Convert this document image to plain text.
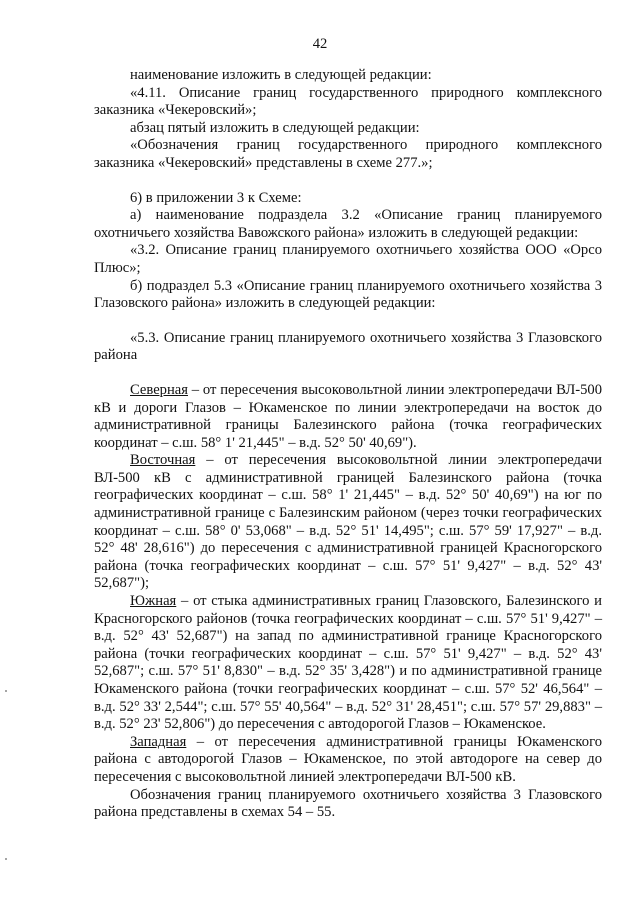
42

наименование изложить в следующей редакции:

«4.11. Описание границ государственного природного комплексного заказника «Чекеровский»;

абзац пятый изложить в следующей редакции:

«Обозначения границ государственного природного комплексного заказника «Чекеровский» представлены в схеме 277.»;

6) в приложении 3 к Схеме:

а) наименование подраздела 3.2 «Описание границ планируемого охотничьего хозяйства Вавожского района» изложить в следующей редакции:

«3.2. Описание границ планируемого охотничьего хозяйства ООО «Орсо Плюс»;

б) подраздел 5.3 «Описание границ планируемого охотничьего хозяйства 3 Глазовского района» изложить в следующей редакции:

«5.3. Описание границ планируемого охотничьего хозяйства 3 Глазовского района

Северная – от пересечения высоковольтной линии электропередачи ВЛ-500 кВ и дороги Глазов – Юкаменское по линии электропередачи на восток до административной границы Балезинского района (точка географических координат – с.ш. 58° 1' 21,445" – в.д. 52° 50' 40,69").

Восточная – от пересечения высоковольтной линии электропередачи ВЛ-500 кВ с административной границей Балезинского района (точка географических координат – с.ш. 58° 1' 21,445" – в.д. 52° 50' 40,69") на юг по административной границе с Балезинским районом (через точки географических координат – с.ш. 58° 0' 53,068" – в.д. 52° 51' 14,495"; с.ш. 57° 59' 17,927" – в.д. 52° 48' 28,616") до пересечения с административной границей Красногорского района (точка географических координат – с.ш. 57° 51' 9,427" – в.д. 52° 43' 52,687");

Южная – от стыка административных границ Глазовского, Балезинского и Красногорского районов (точка географических координат – с.ш. 57° 51' 9,427" – в.д. 52° 43' 52,687") на запад по административной границе Красногорского района (точки географических координат – с.ш. 57° 51' 9,427" – в.д. 52° 43' 52,687"; с.ш. 57° 51' 8,830" – в.д. 52° 35' 3,428") и по административной границе Юкаменского района (точки географических координат – с.ш. 57° 52' 46,564" – в.д. 52° 33' 2,544"; с.ш. 57° 55' 40,564" – в.д. 52° 31' 28,451"; с.ш. 57° 57' 29,883" – в.д. 52° 23' 52,806") до пересечения с автодорогой Глазов – Юкаменское.

Западная – от пересечения административной границы Юкаменского района с автодорогой Глазов – Юкаменское, по этой автодороге на север до пересечения с высоковольтной линией электропередачи ВЛ-500 кВ.

Обозначения границ планируемого охотничьего хозяйства 3 Глазовского района представлены в схемах 54 – 55.
